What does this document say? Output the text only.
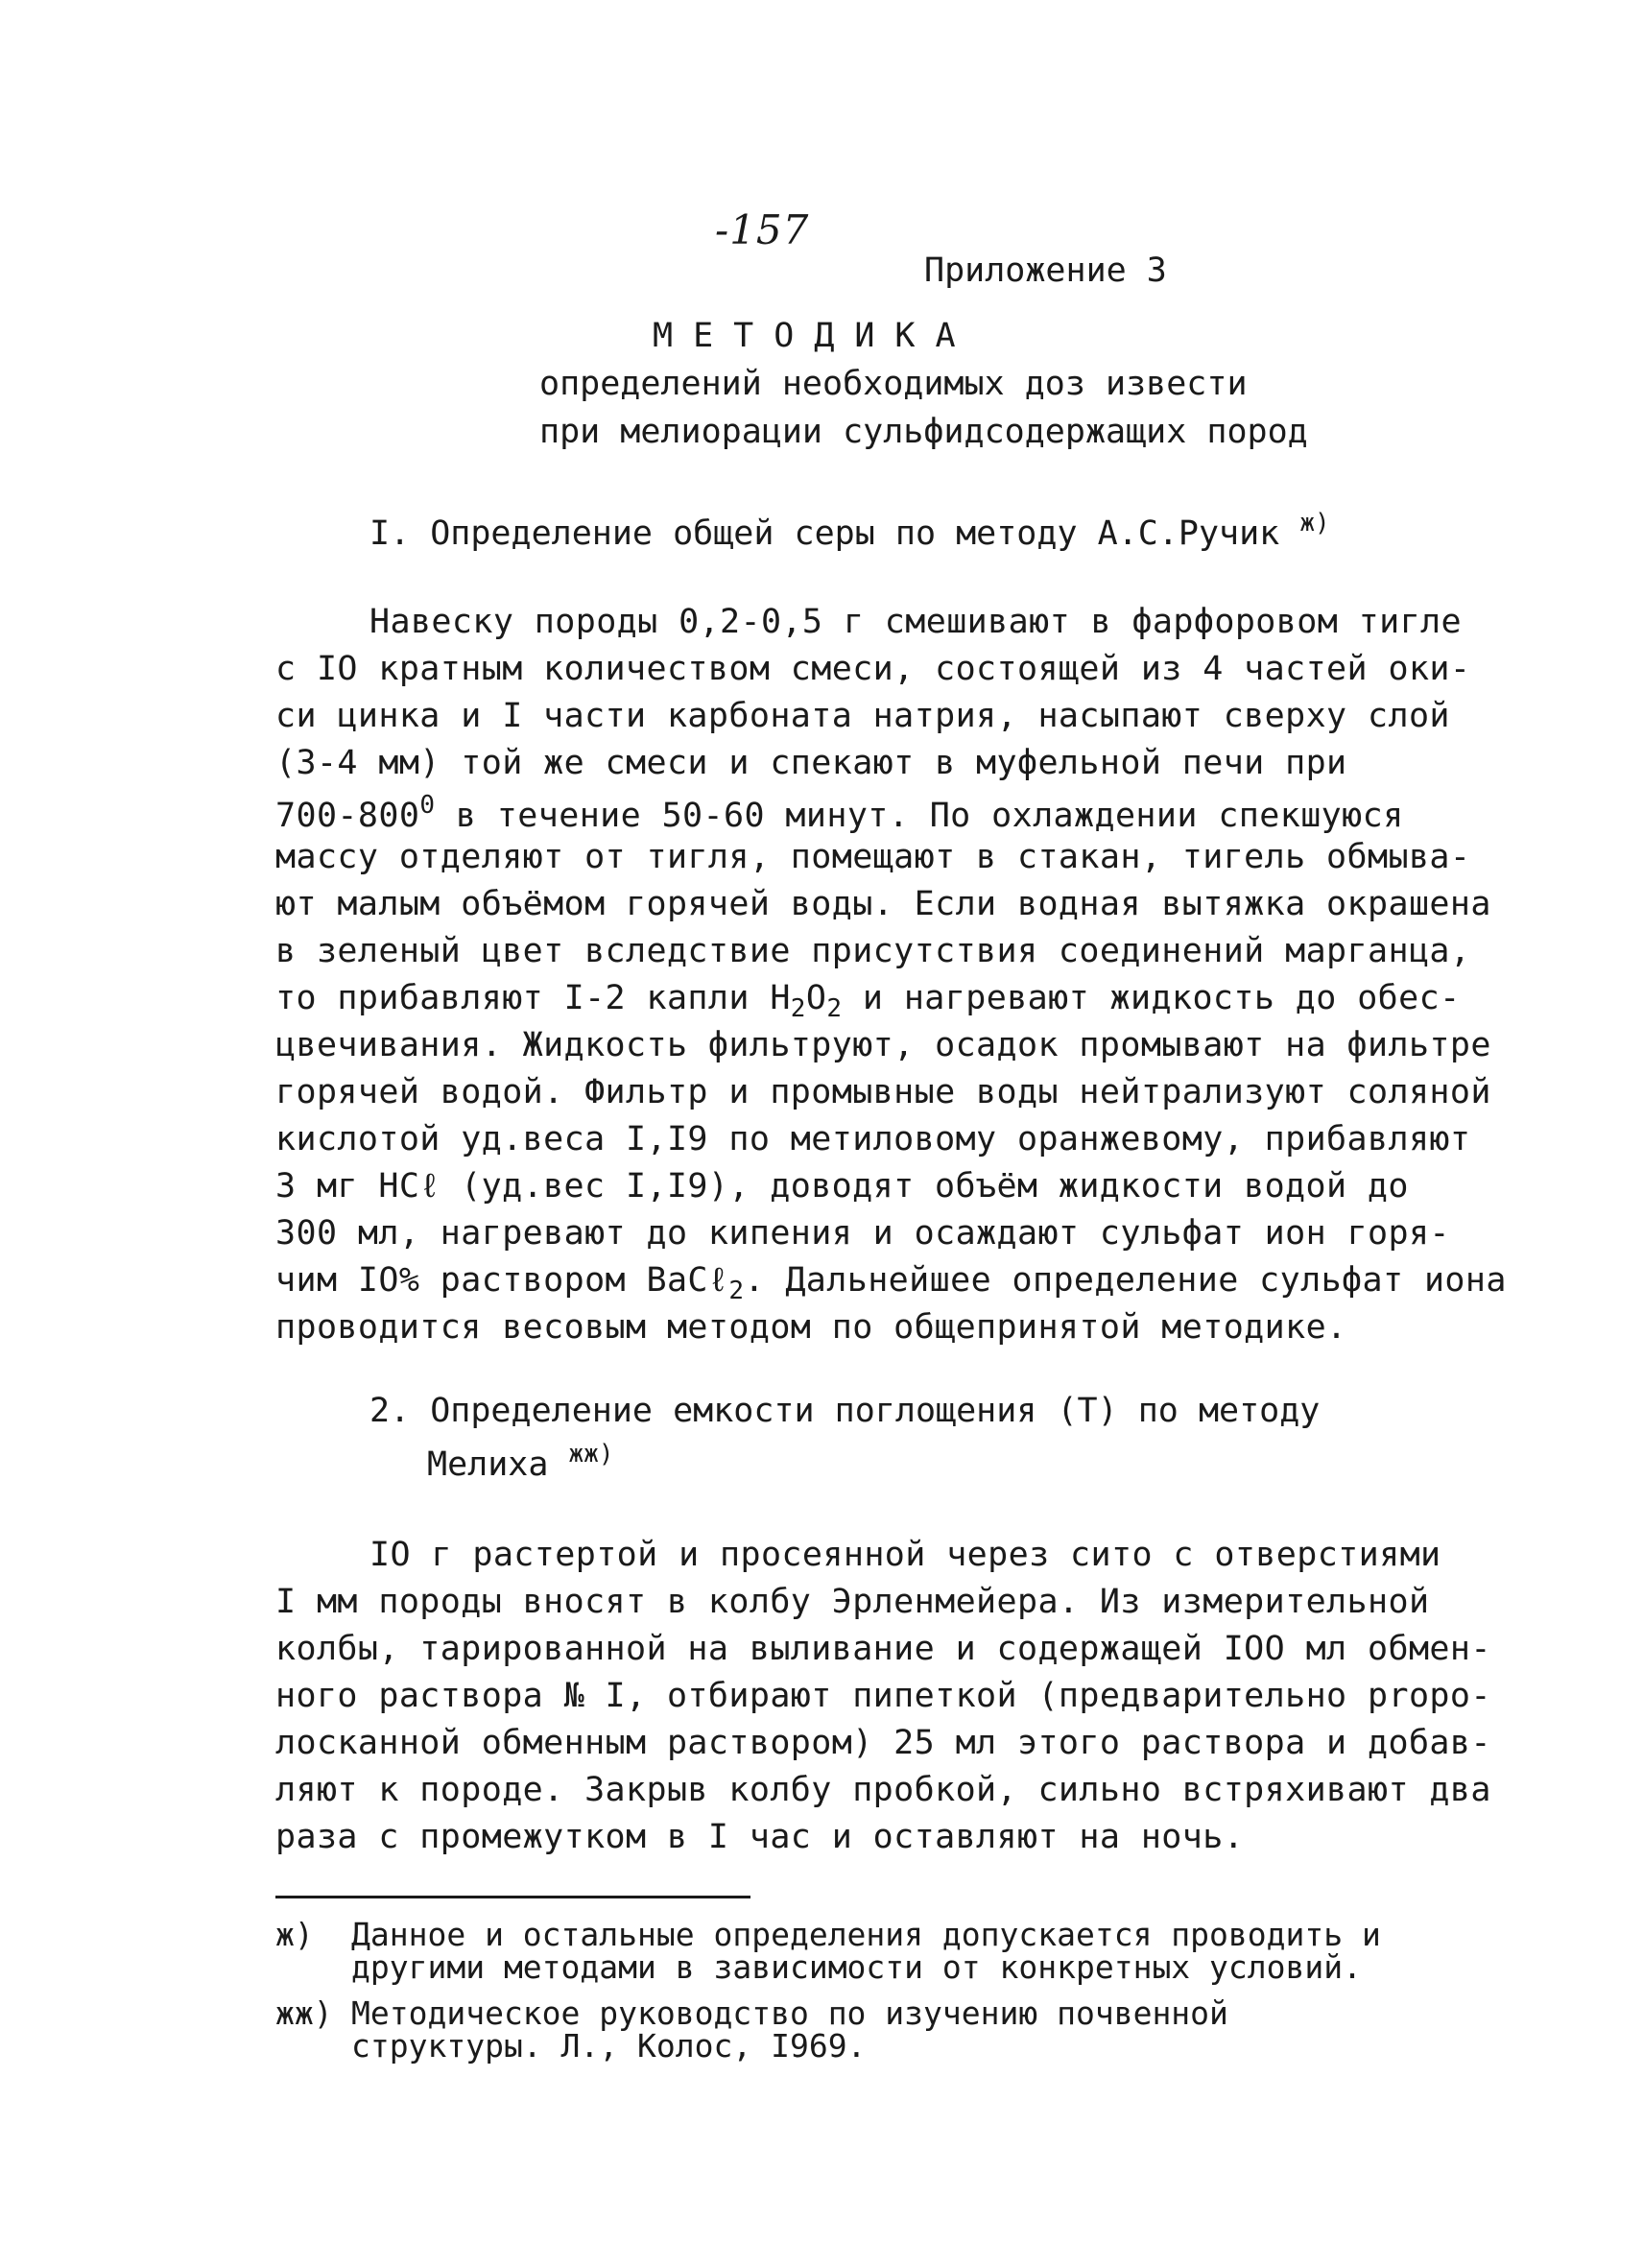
-157
Приложение 3
МЕТОДИКА
определений необходимых доз извести
при мелиорации сульфидсодержащих пород
I. Определение общей серы по методу А.С.Ручик $^{ж)}$
Навеску породы 0,2-0,5 г смешивают в фарфоровом тигле
с IO кратным количеством смеси, состоящей из 4 частей оки-
си цинка и I части карбоната натрия, насыпают сверху слой
(3-4 мм) той же смеси и спекают в муфельной печи при
$700-800^0$ в течение 50-60 минут. По охлаждении спекшуюся
массу отделяют от тигля, помещают в стакан, тигель обмыва-
ют малым объёмом горячей воды. Если водная вытяжка окрашена
в зеленый цвет вследствие присутствия соединений марганца,
то прибавляют I-2 капли $Н_2О_2$ и нагревают жидкость до обес-
цвечивания. Жидкость фильтруют, осадок промывают на фильтре
горячей водой. Фильтр и промывные воды нейтрализуют соляной
кислотой уд.веса I,I9 по метиловому оранжевому, прибавляют
3 мг НСℓ (уд.вес I,I9), доводят объём жидкости водой до
300 мл, нагревают до кипения и осаждают сульфат ион горя-
чим IO% раствором ВаСℓ$_2$. Дальнейшее определение сульфат иона
проводится весовым методом по общепринятой методике.
2. Определение емкости поглощения (Т) по методу
Мелиха $^{жж)}$
IO г растертой и просеянной через сито с отверстиями
I мм породы вносят в колбу Эрленмейера. Из измерительной
колбы, тарированной на выливание и содержащей IOO мл обмен-
ного раствора № I, отбирают пипеткой (предварительно propo-
лосканной обменным раствором) 25 мл этого раствора и добав-
ляют к породе. Закрыв колбу пробкой, сильно встряхивают два
раза с промежутком в I час и оставляют на ночь.
ж) Данное и остальные определения допускается проводить и
другими методами в зависимости от конкретных условий.
жж) Методическое руководство по изучению почвенной
структуры. Л., Колос, I969.
